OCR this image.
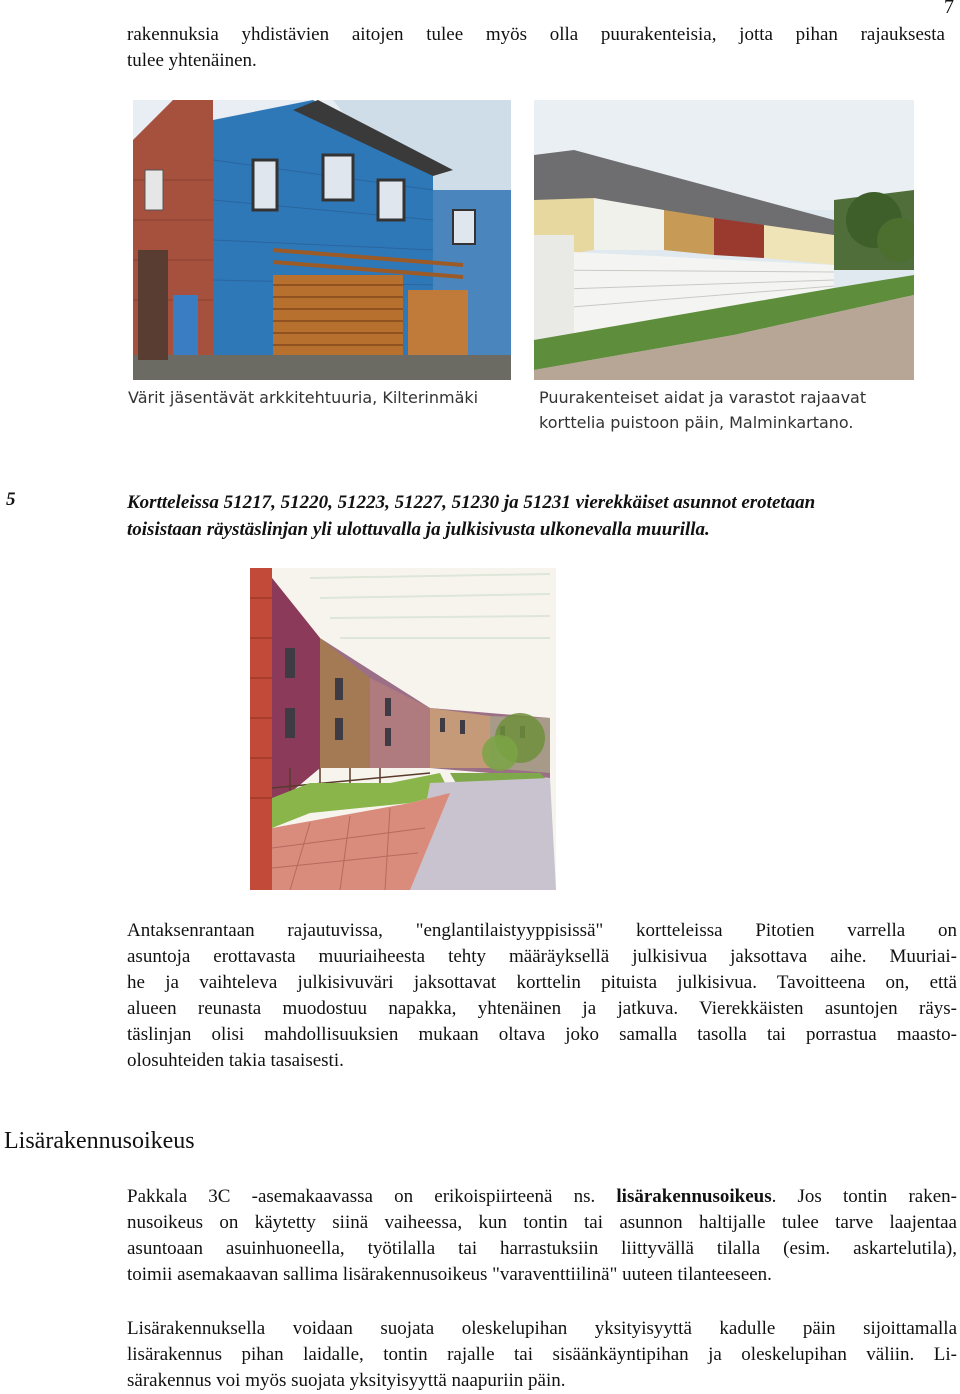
7
rakennuksia yhdistävien aitojen tulee myös olla puurakenteisia, jotta pihan rajauksesta
tulee yhtenäinen.
Värit jäsentävät arkkitehtuuria, Kilterinmäki	Puurakenteiset aidat ja varastot rajaavat
korttelia puistoon päin, Malminkartano.
5	Kortteleissa 51217, 51220, 51223, 51227, 51230 ja 51231 vierekkäiset asunnot erotetaan
toisistaan räystäslinjan yli ulottuvalla ja julkisivusta ulkonevalla muurilla.
Antaksenrantaan rajautuvissa, "englantilaistyyppisissä" kortteleissa Pitotien varrella on
asuntoja erottavasta muuriaiheesta tehty määräyksellä julkisivua jaksottava aihe. Muuriai-
he ja vaihteleva julkisivuväri jaksottavat korttelin pituista julkisivua. Tavoitteena on, että
alueen reunasta muodostuu napakka, yhtenäinen ja jatkuva. Vierekkäisten asuntojen räys-
täslinjan olisi mahdollisuuksien mukaan oltava joko samalla tasolla tai porrastua maasto-
olosuhteiden takia tasaisesti.
Lisärakennusoikeus
Pakkala 3C -asemakaavassa on erikoispiirteenä ns. lisärakennusoikeus. Jos tontin raken-
nusoikeus on käytetty siinä vaiheessa, kun tontin tai asunnon haltijalle tulee tarve laajentaa
asuntoaan asuinhuoneella, työtilalla tai harrastuksiin liittyvällä tilalla (esim. askartelutila),
toimii asemakaavan sallima lisärakennusoikeus "varaventtiilinä" uuteen tilanteeseen.
Lisärakennuksella voidaan suojata oleskelupihan yksityisyyttä kadulle päin sijoittamalla
lisärakennus pihan laidalle, tontin rajalle tai sisäänkäyntipihan ja oleskelupihan väliin. Li-
särakennus voi myös suojata yksityisyyttä naapuriin päin.
